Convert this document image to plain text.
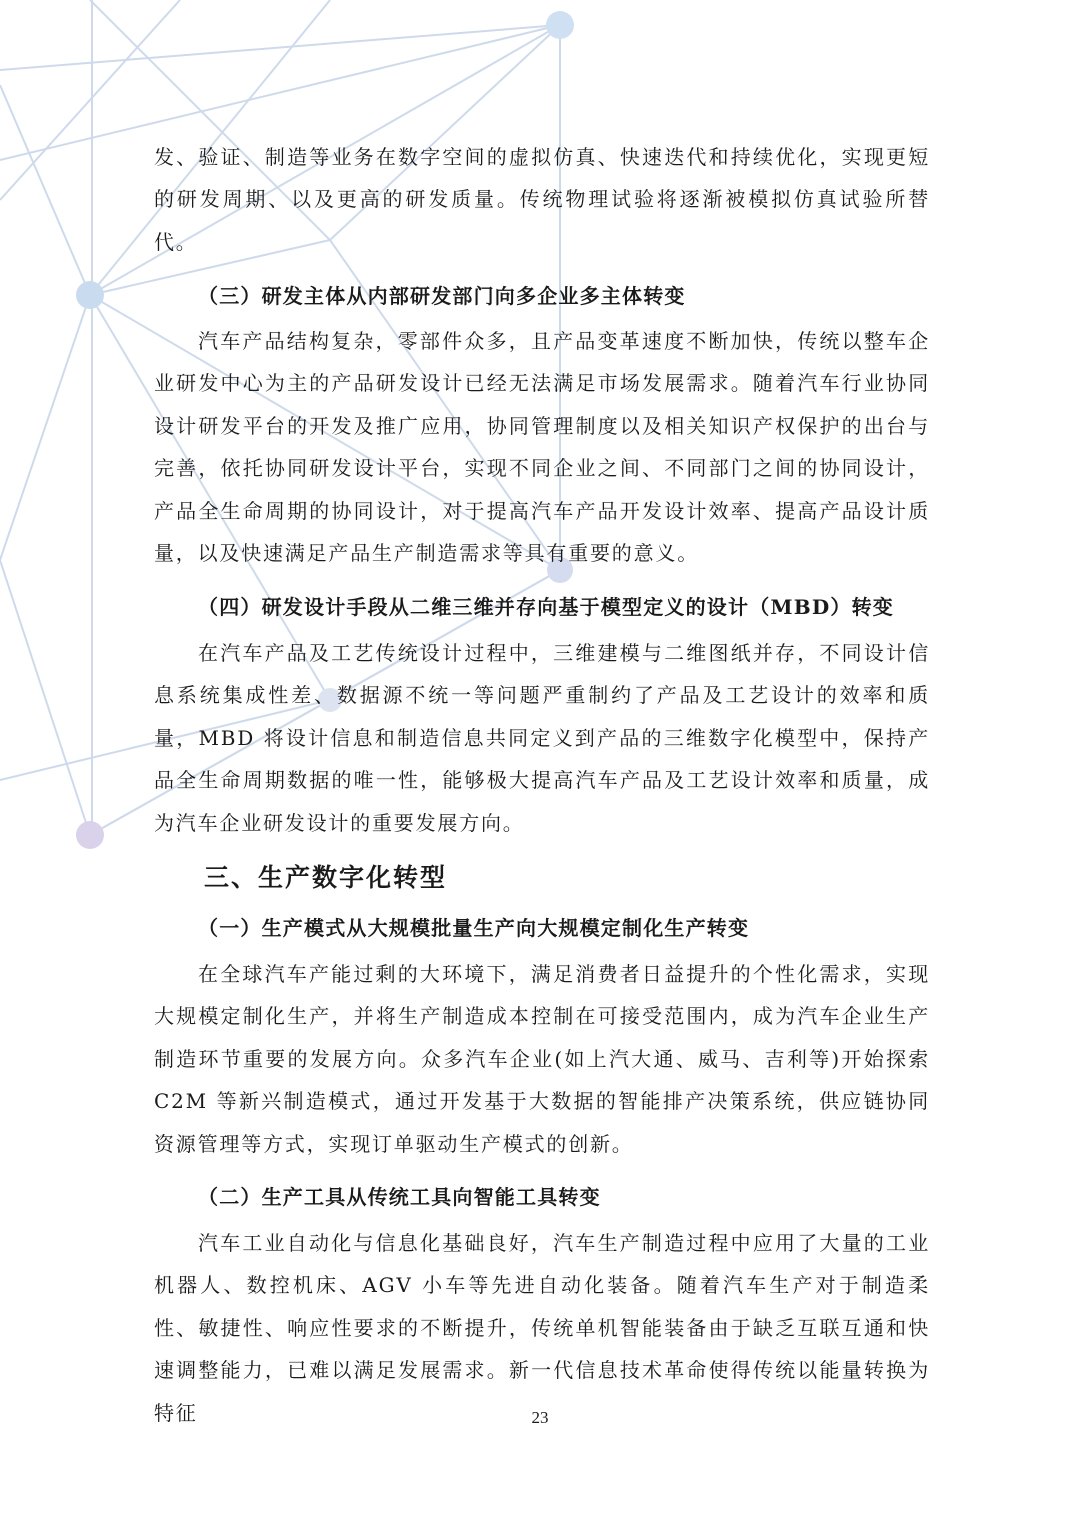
发、验证、制造等业务在数字空间的虚拟仿真、快速迭代和持续优化，实现更短的研发周期、以及更高的研发质量。传统物理试验将逐渐被模拟仿真试验所替代。

（三）研发主体从内部研发部门向多企业多主体转变

汽车产品结构复杂，零部件众多，且产品变革速度不断加快，传统以整车企业研发中心为主的产品研发设计已经无法满足市场发展需求。随着汽车行业协同设计研发平台的开发及推广应用，协同管理制度以及相关知识产权保护的出台与完善，依托协同研发设计平台，实现不同企业之间、不同部门之间的协同设计，产品全生命周期的协同设计，对于提高汽车产品开发设计效率、提高产品设计质量，以及快速满足产品生产制造需求等具有重要的意义。

（四）研发设计手段从二维三维并存向基于模型定义的设计（MBD）转变

在汽车产品及工艺传统设计过程中，三维建模与二维图纸并存，不同设计信息系统集成性差、数据源不统一等问题严重制约了产品及工艺设计的效率和质量，MBD 将设计信息和制造信息共同定义到产品的三维数字化模型中，保持产品全生命周期数据的唯一性，能够极大提高汽车产品及工艺设计效率和质量，成为汽车企业研发设计的重要发展方向。

三、生产数字化转型
（一）生产模式从大规模批量生产向大规模定制化生产转变

在全球汽车产能过剩的大环境下，满足消费者日益提升的个性化需求，实现大规模定制化生产，并将生产制造成本控制在可接受范围内，成为汽车企业生产制造环节重要的发展方向。众多汽车企业(如上汽大通、威马、吉利等)开始探索C2M 等新兴制造模式，通过开发基于大数据的智能排产决策系统，供应链协同资源管理等方式，实现订单驱动生产模式的创新。

（二）生产工具从传统工具向智能工具转变

汽车工业自动化与信息化基础良好，汽车生产制造过程中应用了大量的工业机器人、数控机床、AGV 小车等先进自动化装备。随着汽车生产对于制造柔性、敏捷性、响应性要求的不断提升，传统单机智能装备由于缺乏互联互通和快速调整能力，已难以满足发展需求。新一代信息技术革命使得传统以能量转换为特征	23
